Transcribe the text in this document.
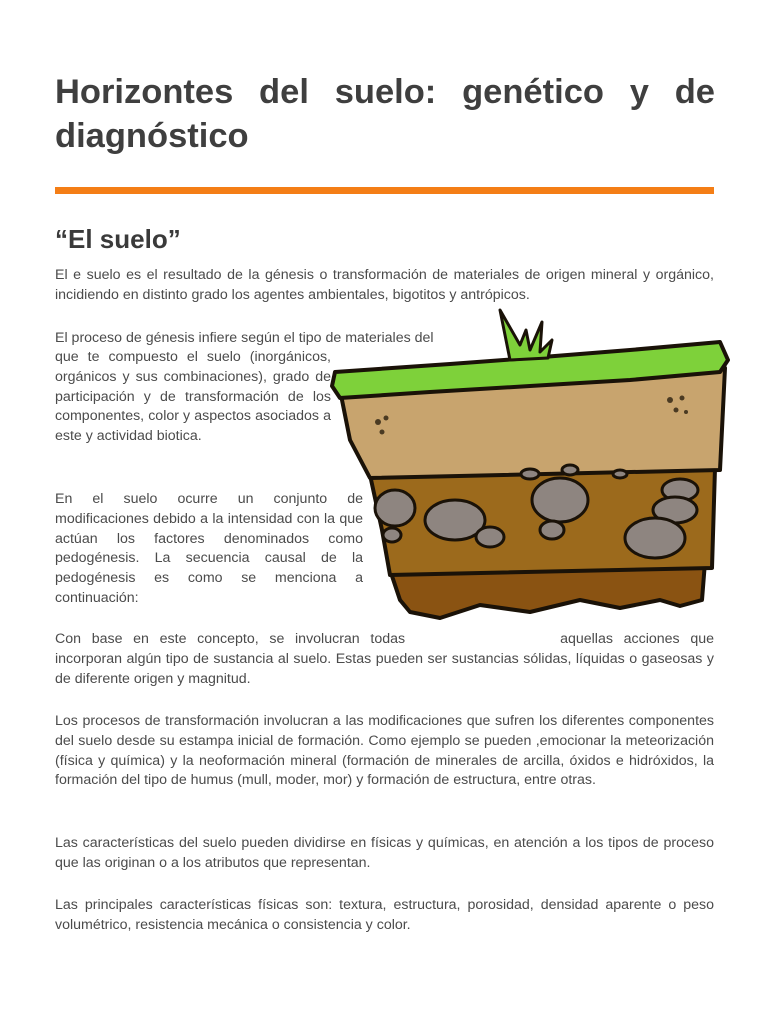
Horizontes del suelo: genético y de diagnóstico
“El suelo”

El e suelo es el resultado de la génesis o transformación de materiales de origen mineral y orgánico, incidiendo en distinto grado los agentes ambientales, bigotitos y antrópicos.

El proceso de génesis infiere según el tipo de materiales del

que te compuesto el suelo (inorgánicos, orgánicos y sus combinaciones), grado de participación y de transformación de los componentes, color y aspectos asociados a este y actividad biotica.

En el suelo ocurre un conjunto de modificaciones debido a la intensidad con la que actúan los factores denominados como pedogénesis. La secuencia causal de la pedogénesis es como se menciona a continuación:

Con base en este concepto, se involucran todas	aquellas acciones que incorporan algún tipo de sustancia al suelo. Estas pueden ser sustancias sólidas, líquidas o gaseosas y de diferente origen y magnitud.

Los procesos de transformación involucran a las modificaciones que sufren los diferentes componentes del suelo desde su estampa inicial de formación. Como ejemplo se pueden ,emocionar la meteorización (física y química) y la neoformación mineral (formación de minerales de arcilla, óxidos e hidróxidos, la formación del tipo de humus (mull, moder, mor) y formación de estructura, entre otras.

Las características del suelo pueden dividirse en físicas y químicas, en atención a los tipos de proceso que las originan o a los atributos que representan.

Las principales características físicas son: textura, estructura, porosidad, densidad aparente o peso volumétrico, resistencia mecánica o consistencia y color.
